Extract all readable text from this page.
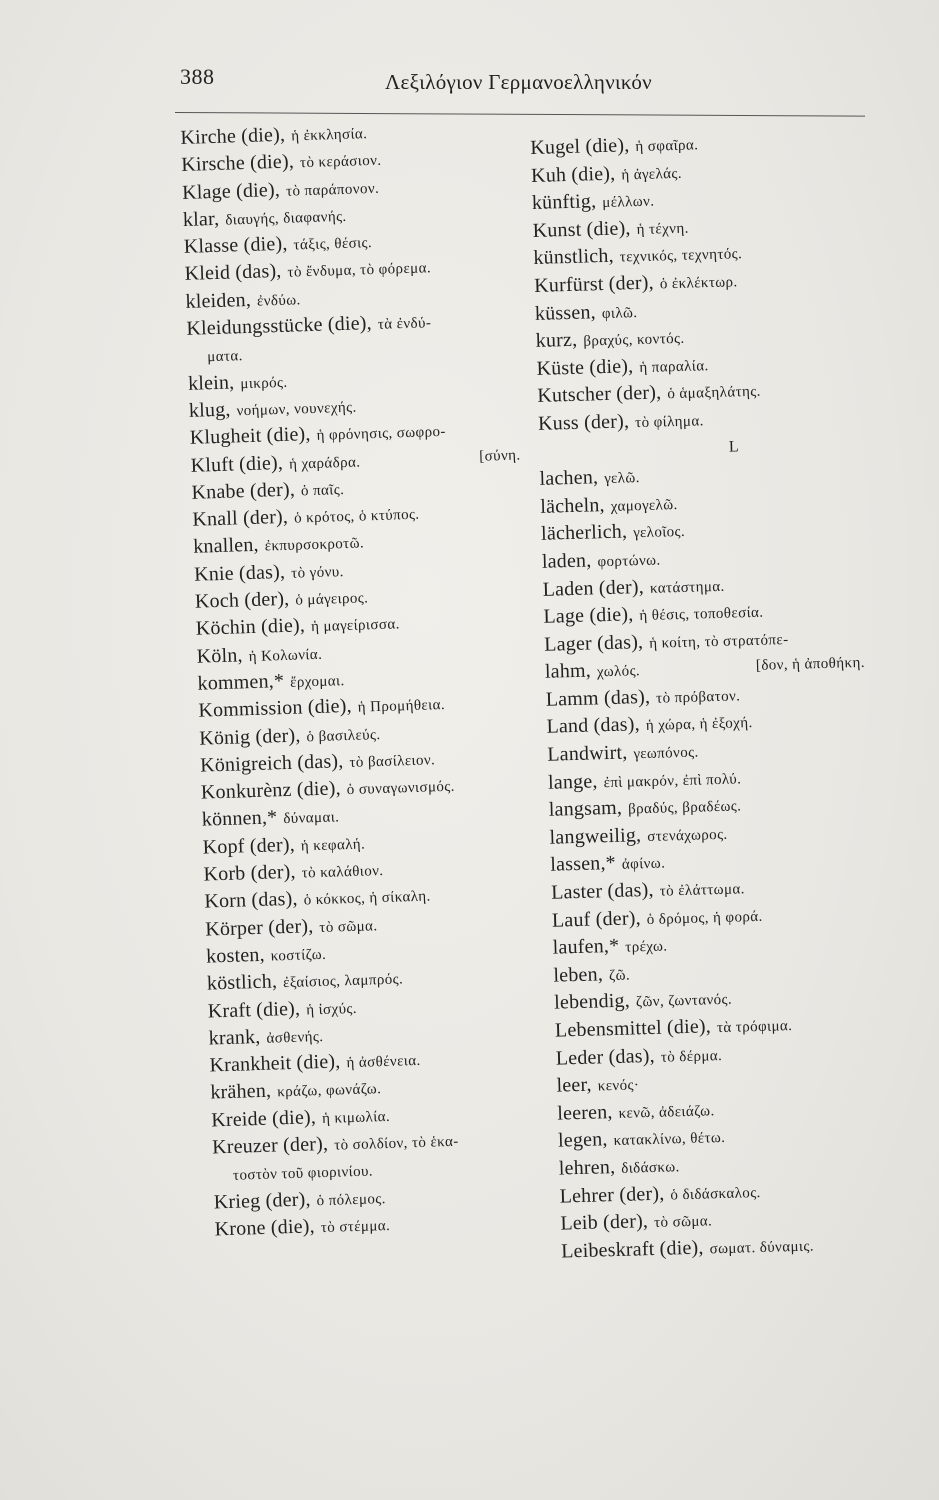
388	Λεξιλόγιον Γερμανοελληνικόν
Kirche (die), ἡ ἐκκλησία.
Kirsche (die), τὸ κεράσιον.
Klage (die), τὸ παράπονον.
klar, διαυγής, διαφανής.
Klasse (die), τάξις, θέσις.
Kleid (das), τὸ ἔνδυμα, τὸ φόρεμα.
kleiden, ἐνδύω.
Kleidungsstücke (die), τὰ ἐνδύ-
ματα.
klein, μικρός.
klug, νοήμων, νουνεχής.
Klugheit (die), ἡ φρόνησις, σωφρο-
Kluft (die), ἡ χαράδρα.	[σύνη.
Knabe (der), ὁ παῖς.
Knall (der), ὁ κρότος, ὁ κτύπος.
knallen, ἐκπυρσοκροτῶ.
Knie (das), τὸ γόνυ.
Koch (der), ὁ μάγειρος.
Köchin (die), ἡ μαγείρισσα.
Köln, ἡ Κολωνία.
kommen,* ἔρχομαι.
Kommission (die), ἡ Προμήθεια.
König (der), ὁ βασιλεύς.
Königreich (das), τὸ βασίλειον.
Konkurènz (die), ὁ συναγωνισμός.
können,* δύναμαι.
Kopf (der), ἡ κεφαλή.
Korb (der), τὸ καλάθιον.
Korn (das), ὁ κόκκος, ἡ σίκαλη.
Körper (der), τὸ σῶμα.
kosten, κοστίζω.
köstlich, ἐξαίσιος, λαμπρός.
Kraft (die), ἡ ἰσχύς.
krank, ἀσθενής.
Krankheit (die), ἡ ἀσθένεια.
krähen, κράζω, φωνάζω.
Kreide (die), ἡ κιμωλία.
Kreuzer (der), τὸ σολδίον, τὸ ἑκα-
τοστὸν τοῦ φιορινίου.
Krieg (der), ὁ πόλεμος.
Krone (die), τὸ στέμμα.
Kugel (die), ἡ σφαῖρα.
Kuh (die), ἡ ἀγελάς.
künftig, μέλλων.
Kunst (die), ἡ τέχνη.
künstlich, τεχνικός, τεχνητός.
Kurfürst (der), ὁ ἐκλέκτωρ.
küssen, φιλῶ.
kurz, βραχύς, κοντός.
Küste (die), ἡ παραλία.
Kutscher (der), ὁ ἁμαξηλάτης.
Kuss (der), τὸ φίλημα.
L
lachen, γελῶ.
lächeln, χαμογελῶ.
lächerlich, γελοῖος.
laden, φορτώνω.
Laden (der), κατάστημα.
Lage (die), ἡ θέσις, τοποθεσία.
Lager (das), ἡ κοίτη, τὸ στρατόπε-
lahm, χωλός.	[δον, ἡ ἀποθήκη.
Lamm (das), τὸ πρόβατον.
Land (das), ἡ χώρα, ἡ ἐξοχή.
Landwirt, γεωπόνος.
lange, ἐπὶ μακρόν, ἐπὶ πολύ.
langsam, βραδύς, βραδέως.
langweilig, στενάχωρος.
lassen,* ἀφίνω.
Laster (das), τὸ ἐλάττωμα.
Lauf (der), ὁ δρόμος, ἡ φορά.
laufen,* τρέχω.
leben, ζῶ.
lebendig, ζῶν, ζωντανός.
Lebensmittel (die), τὰ τρόφιμα.
Leder (das), τὸ δέρμα.
leer, κενός·
leeren, κενῶ, ἀδειάζω.
legen, κατακλίνω, θέτω.
lehren, διδάσκω.
Lehrer (der), ὁ διδάσκαλος.
Leib (der), τὸ σῶμα.
Leibeskraft (die), σωματ. δύναμις.
